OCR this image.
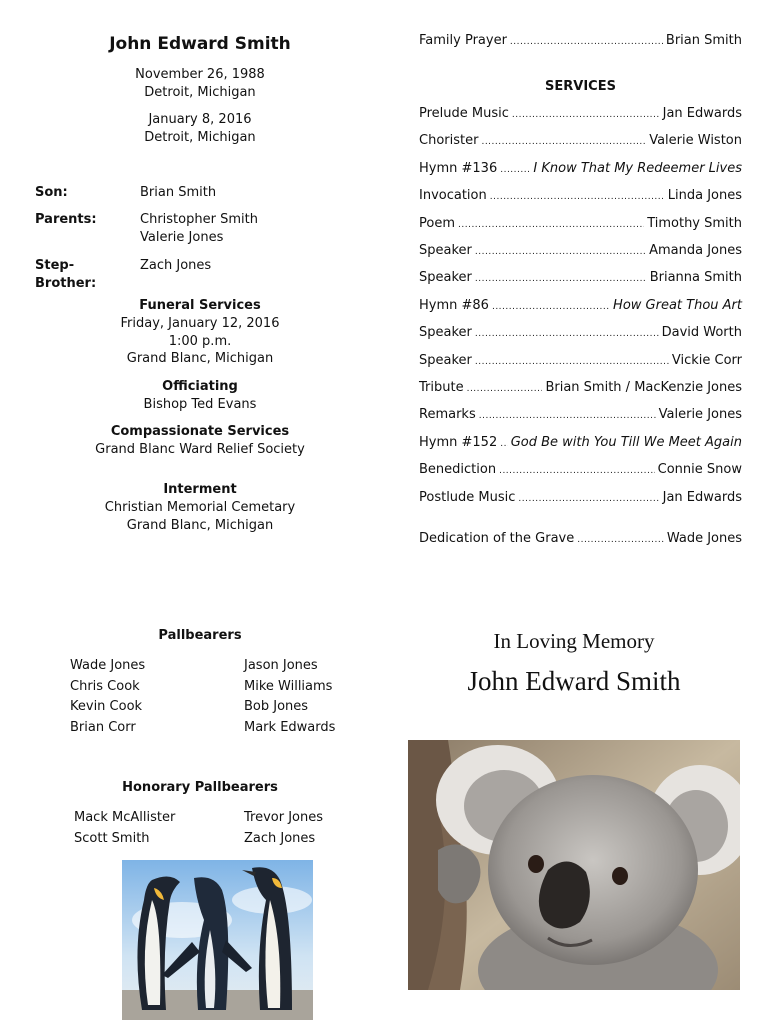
John Edward Smith
November 26, 1988
Detroit, Michigan
January 8, 2016
Detroit, Michigan
Son:	Brian Smith
Parents:	Christopher Smith
Valerie Jones
Step-Brother:
Zach Jones
Funeral Services
Friday, January 12, 2016
1:00 p.m.
Grand Blanc, Michigan
Officiating
Bishop Ted Evans
Compassionate Services
Grand Blanc Ward Relief Society
Interment
Christian Memorial Cemetary
Grand Blanc, Michigan
Family Prayer .....	Brian Smith
SERVICES
Prelude Music .....	Jan Edwards
Chorister .....	Valerie Wiston
Hymn #136 .....	I Know That My Redeemer Lives
Invocation .....	Linda Jones
Poem .....	Timothy Smith
Speaker .....	Amanda Jones
Speaker .....	Brianna Smith
Hymn #86 .....	How Great Thou Art
Speaker .....	David Worth
Speaker .....	Vickie Corr
Tribute .....	Brian Smith / MacKenzie Jones
Remarks .....	Valerie Jones
Hymn #152 ..... God Be with You Till We Meet Again
Benediction .....	Connie Snow
Postlude Music .....	Jan Edwards
Dedication of the Grave .....	Wade Jones
Pallbearers
Wade Jones
Chris Cook
Kevin Cook
Brian Corr
Jason Jones
Mike Williams
Bob Jones
Mark Edwards
Honorary Pallbearers
Mack McAllister
Scott Smith
Trevor Jones
Zach Jones
In Loving Memory
John Edward Smith
